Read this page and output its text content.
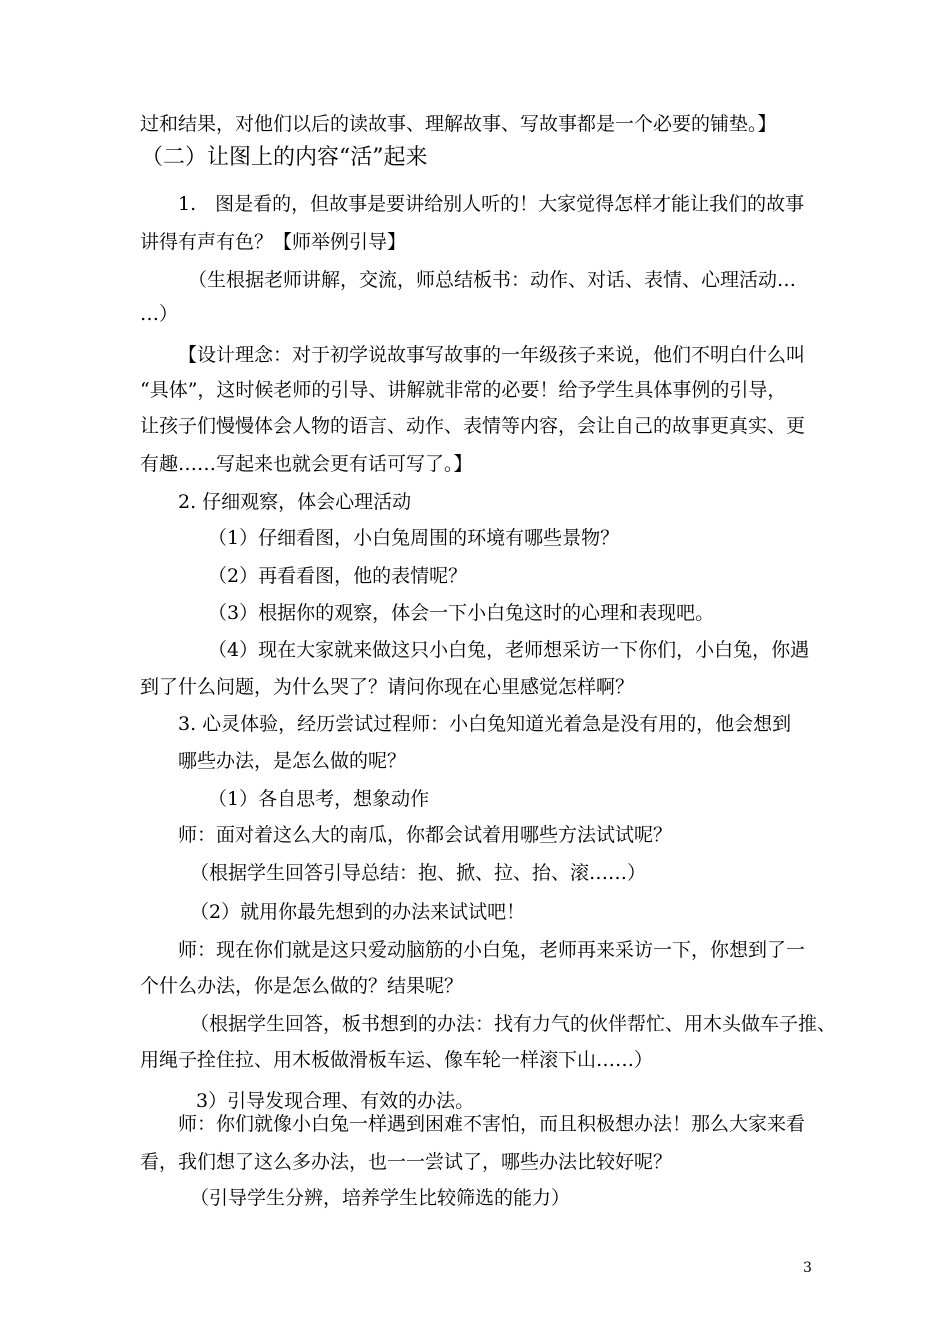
过和结果，对他们以后的读故事、理解故事、写故事都是一个必要的铺垫。】
（二）让图上的内容“活”起来
1.　图是看的，但故事是要讲给别人听的！大家觉得怎样才能让我们的故事
讲得有声有色？【师举例引导】
（生根据老师讲解，交流，师总结板书：动作、对话、表情、心理活动…
…）
【设计理念：对于初学说故事写故事的一年级孩子来说，他们不明白什么叫
“具体”，这时候老师的引导、讲解就非常的必要！给予学生具体事例的引导，
让孩子们慢慢体会人物的语言、动作、表情等内容，会让自己的故事更真实、更
有趣……写起来也就会更有话可写了。】
2. 仔细观察，体会心理活动
（1）仔细看图，小白兔周围的环境有哪些景物？
（2）再看看图，他的表情呢？
（3）根据你的观察，体会一下小白兔这时的心理和表现吧。
（4）现在大家就来做这只小白兔，老师想采访一下你们，小白兔，你遇
到了什么问题，为什么哭了？请问你现在心里感觉怎样啊？
3. 心灵体验，经历尝试过程师：小白兔知道光着急是没有用的，他会想到
哪些办法，是怎么做的呢？
（1）各自思考，想象动作
师：面对着这么大的南瓜，你都会试着用哪些方法试试呢？
（根据学生回答引导总结：抱、掀、拉、抬、滚……）
（2）就用你最先想到的办法来试试吧！
师：现在你们就是这只爱动脑筋的小白兔，老师再来采访一下，你想到了一
个什么办法，你是怎么做的？结果呢？
（根据学生回答，板书想到的办法：找有力气的伙伴帮忙、用木头做车子推、
用绳子拴住拉、用木板做滑板车运、像车轮一样滚下山……）
3）引导发现合理、有效的办法。
师：你们就像小白兔一样遇到困难不害怕，而且积极想办法！那么大家来看
看，我们想了这么多办法，也一一尝试了，哪些办法比较好呢？
（引导学生分辨，培养学生比较筛选的能力）
3
